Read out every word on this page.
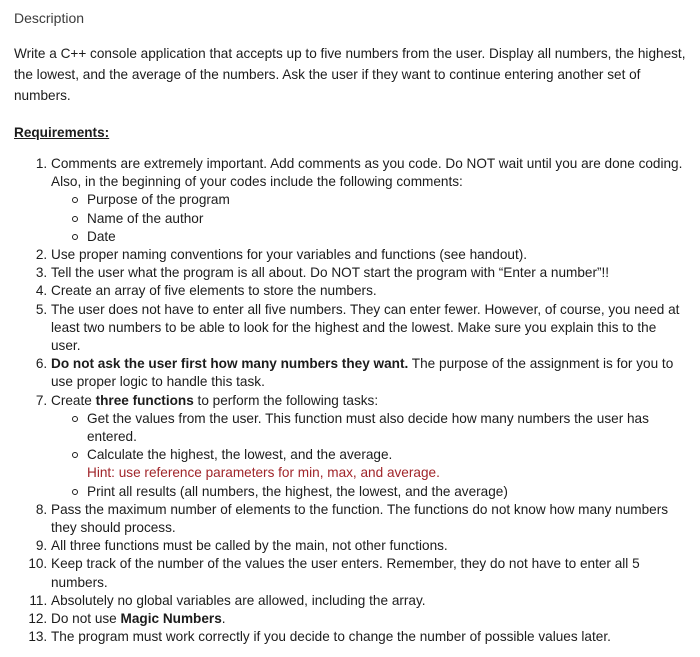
Description

Write a C++ console application that accepts up to five numbers from the user. Display all numbers, the highest, the lowest, and the average of the numbers. Ask the user if they want to continue entering another set of numbers.

Requirements:
1. Comments are extremely important. Add comments as you code. Do NOT wait until you are done coding. Also, in the beginning of your codes include the following comments:
Purpose of the program
Name of the author
Date
2. Use proper naming conventions for your variables and functions (see handout).
3. Tell the user what the program is all about. Do NOT start the program with “Enter a number”!!
4. Create an array of five elements to store the numbers.
5. The user does not have to enter all five numbers. They can enter fewer. However, of course, you need at least two numbers to be able to look for the highest and the lowest. Make sure you explain this to the user.
6. Do not ask the user first how many numbers they want. The purpose of the assignment is for you to use proper logic to handle this task.
7. Create three functions to perform the following tasks:
Get the values from the user. This function must also decide how many numbers the user has entered.
Calculate the highest, the lowest, and the average.
Hint: use reference parameters for min, max, and average.
Print all results (all numbers, the highest, the lowest, and the average)
8. Pass the maximum number of elements to the function. The functions do not know how many numbers they should process.
9. All three functions must be called by the main, not other functions.
10. Keep track of the number of the values the user enters. Remember, they do not have to enter all 5 numbers.
11. Absolutely no global variables are allowed, including the array.
12. Do not use Magic Numbers.
13. The program must work correctly if you decide to change the number of possible values later.
